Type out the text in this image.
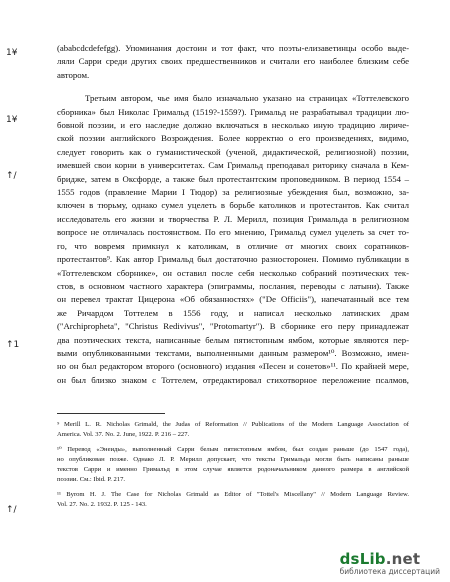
1¥
1¥
↑/
↑1
↑/

(ababcdcdefefgg). Упоминания достоин и тот факт, что поэты-елизаветинцы особо выде-
ляли Сарри среди других своих предшественников и считали его наиболее близким себе
автором.

Третьим автором, чье имя было изначально указано на страницах «Тоттелевского
сборника» был Николас Гримальд (1519?-1559?). Гримальд не разрабатывал традиции лю-
бовной поэзии, и его наследие должно включаться в несколько иную традицию лириче-
ской поэзии английского Возрождения. Более корректно о его произведениях, видимо,
следует говорить как о гуманистической (ученой, дидактической, религиозной) поэзии,
имевшей свои корни в университетах. Сам Гримальд преподавал риторику сначала в Кем-
бридже, затем в Оксфорде, а также был протестантским проповедником. В период 1554 –
1555 годов (правление Марии I Тюдор) за религиозные убеждения был, возможно, за-
ключен в тюрьму, однако сумел уцелеть в борьбе католиков и протестантов. Как считал
исследователь его жизни и творчества Р. Л. Мерилл, позиция Гримальда в религиозном
вопросе не отличалась постоянством. По его мнению, Гримальд сумел уцелеть за счет то-
го, что вовремя примкнул к католикам, в отличие от многих своих соратников-
протестантов⁹. Как автор Гримальд был достаточно разносторонен. Помимо публикации в
«Тоттелевском сборнике», он оставил после себя несколько собраний поэтических тек-
стов, в основном частного характера (эпиграммы, послания, переводы с латыни). Также
он перевел трактат Цицерона «Об обязанностях» ("De Officiis"), напечатанный все тем
же Ричардом Тоттелем в 1556 году, и написал несколько латинских драм
("Archipropheta", "Christus Redivivus", "Protomartyr"). В сборнике его перу принадлежат
два поэтических текста, написанные белым пятистопным ямбом, которые являются пер-
выми опубликованными текстами, выполненными данным размером¹⁰. Возможно, имен-
но он был редактором второго (основного) издания «Песен и сонетов»¹¹. По крайней мере,
он был близко знаком с Тоттелем, отредактировал стихотворное переложение псалмов,

⁹ Merill L. R. Nicholas Grimald, the Judas of Reformation // Publications of the Modern Language Association of
America. Vol. 37. No. 2. June, 1922. P. 216 – 227.

¹⁰ Перевод «Энеиды», выполненный Сарри белым пятистопным ямбом, был создан раньше (до 1547 года),
но опубликован позже. Однако Л. Р. Мерилл допускает, что тексты Гримальда могли быть написаны раньше
текстов Сарри и именно Гримальд в этом случае является родоначальником данного размера в английской
поэзии. См.: Ibid. P. 217.

¹¹ Byrom H. J. The Case for Nicholas Grimald as Editor of "Tottel's Miscellany" // Modern Language Review.
Vol. 27. No. 2. 1932. P. 125 - 143.

dsLib.net
библиотека диссертаций
